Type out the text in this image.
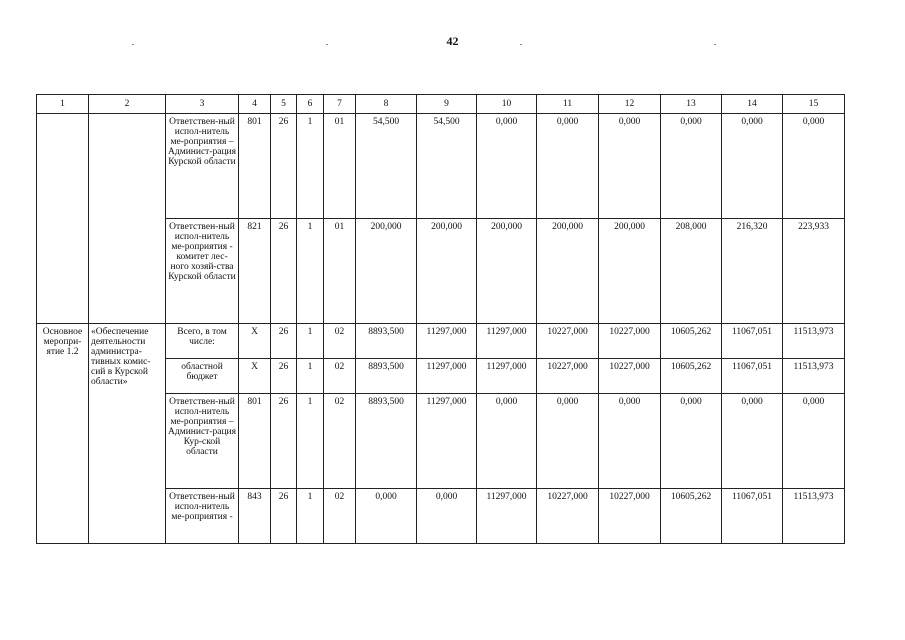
42
1	2	3	4	5	6	7	8	9	10	11	12	13	14	15
		Ответствен-ный испол-нитель ме-роприятия – Админист-рация Курской области	801	26	1	01	54,500	54,500	0,000	0,000	0,000	0,000	0,000	0,000
		Ответствен-ный испол-нитель ме-роприятия - комитет лес-ного хозяй-ства Курской области	821	26	1	01	200,000	200,000	200,000	200,000	200,000	208,000	216,320	223,933
Основное меропри-ятие 1.2	«Обеспечение деятельности администра-тивных комис-сий в Курской области»	Всего, в том числе:	Х	26	1	02	8893,500	11297,000	11297,000	10227,000	10227,000	10605,262	11067,051	11513,973
		областной бюджет	Х	26	1	02	8893,500	11297,000	11297,000	10227,000	10227,000	10605,262	11067,051	11513,973
		Ответствен-ный испол-нитель ме-роприятия – Админист-рация Кур-ской области	801	26	1	02	8893,500	11297,000	0,000	0,000	0,000	0,000	0,000	0,000
		Ответствен-ный испол-нитель ме-роприятия -	843	26	1	02	0,000	0,000	11297,000	10227,000	10227,000	10605,262	11067,051	11513,973
